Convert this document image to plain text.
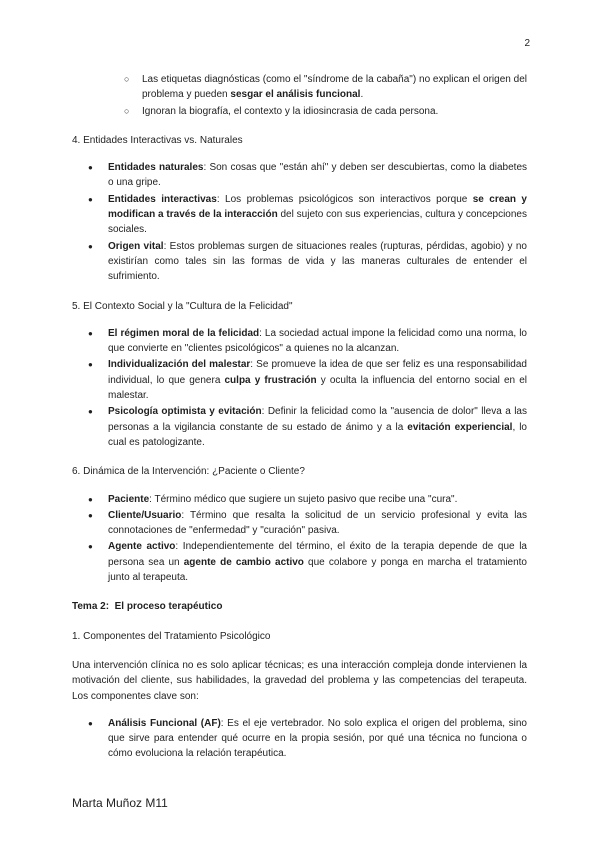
2
○	Las etiquetas diagnósticas (como el "síndrome de la cabaña") no explican el origen del problema y pueden sesgar el análisis funcional.
○	Ignoran la biografía, el contexto y la idiosincrasia de cada persona.
4. Entidades Interactivas vs. Naturales
●	Entidades naturales: Son cosas que "están ahí" y deben ser descubiertas, como la diabetes o una gripe.
●	Entidades interactivas: Los problemas psicológicos son interactivos porque se crean y modifican a través de la interacción del sujeto con sus experiencias, cultura y concepciones sociales.
●	Origen vital: Estos problemas surgen de situaciones reales (rupturas, pérdidas, agobio) y no existirían como tales sin las formas de vida y las maneras culturales de entender el sufrimiento.
5. El Contexto Social y la "Cultura de la Felicidad"
●	El régimen moral de la felicidad: La sociedad actual impone la felicidad como una norma, lo que convierte en "clientes psicológicos" a quienes no la alcanzan.
●	Individualización del malestar: Se promueve la idea de que ser feliz es una responsabilidad individual, lo que genera culpa y frustración y oculta la influencia del entorno social en el malestar.
●	Psicología optimista y evitación: Definir la felicidad como la "ausencia de dolor" lleva a las personas a la vigilancia constante de su estado de ánimo y a la evitación experiencial, lo cual es patologizante.
6. Dinámica de la Intervención: ¿Paciente o Cliente?
●	Paciente: Término médico que sugiere un sujeto pasivo que recibe una "cura".
●	Cliente/Usuario: Término que resalta la solicitud de un servicio profesional y evita las connotaciones de "enfermedad" y "curación" pasiva.
●	Agente activo: Independientemente del término, el éxito de la terapia depende de que la persona sea un agente de cambio activo que colabore y ponga en marcha el tratamiento junto al terapeuta.
Tema 2: El proceso terapéutico
1. Componentes del Tratamiento Psicológico
Una intervención clínica no es solo aplicar técnicas; es una interacción compleja donde intervienen la motivación del cliente, sus habilidades, la gravedad del problema y las competencias del terapeuta. Los componentes clave son:
●	Análisis Funcional (AF): Es el eje vertebrador. No solo explica el origen del problema, sino que sirve para entender qué ocurre en la propia sesión, por qué una técnica no funciona o cómo evoluciona la relación terapéutica.
Marta Muñoz M11
